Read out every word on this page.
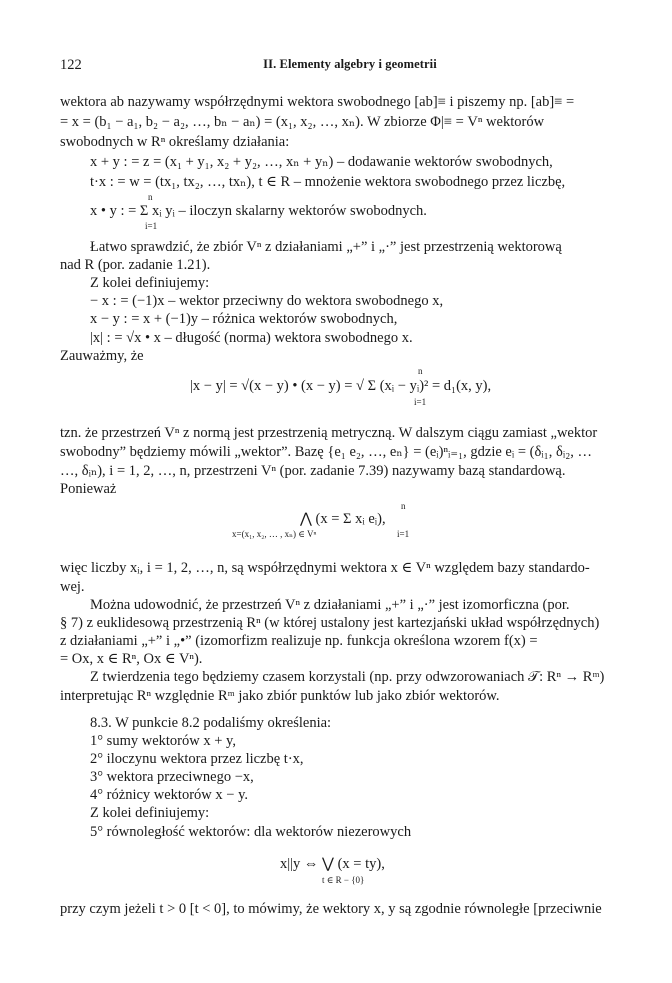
122	II. Elementy algebry i geometrii
wektora ab nazywamy współrzędnymi wektora swobodnego [ab]≡ i piszemy np. [ab]≡ =
= x = (b₁ − a₁, b₂ − a₂, …, bₙ − aₙ) = (x₁, x₂, …, xₙ). W zbiorze Φ|≡ = Vⁿ wektorów
swobodnych w Rⁿ określamy działania:
x + y : = z = (x₁ + y₁, x₂ + y₂, …, xₙ + yₙ) – dodawanie wektorów swobodnych,
t·x : = w = (tx₁, tx₂, …, txₙ), t ∈ R – mnożenie wektora swobodnego przez liczbę,
n
x • y : = Σ xᵢ yᵢ – iloczyn skalarny wektorów swobodnych.
i=1
Łatwo sprawdzić, że zbiór Vⁿ z działaniami „+” i „·” jest przestrzenią wektorową
nad R (por. zadanie 1.21).
Z kolei definiujemy:
− x : = (−1)x – wektor przeciwny do wektora swobodnego x,
x − y : = x + (−1)y – różnica wektorów swobodnych,
|x| : = √x • x – długość (norma) wektora swobodnego x.
Zauważmy, że
n
|x − y| = √(x − y) • (x − y) = √ Σ (xᵢ − yᵢ)² = d₁(x, y),
i=1
tzn. że przestrzeń Vⁿ z normą jest przestrzenią metryczną. W dalszym ciągu zamiast „wektor
swobodny” będziemy mówili „wektor”. Bazę {e₁ e₂, …, eₙ} = (eᵢ)ⁿᵢ₌₁, gdzie eᵢ = (δᵢ₁, δᵢ₂, …
…, δᵢₙ), i = 1, 2, …, n, przestrzeni Vⁿ (por. zadanie 7.39) nazywamy bazą standardową.
Ponieważ
n
⋀ (x = Σ xᵢ eᵢ),
x=(x₁, x₂, … , xₙ) ∈ Vⁿ	i=1
więc liczby xᵢ, i = 1, 2, …, n, są współrzędnymi wektora x ∈ Vⁿ względem bazy standardo-
wej.
Można udowodnić, że przestrzeń Vⁿ z działaniami „+” i „·” jest izomorficzna (por.
§ 7) z euklidesową przestrzenią Rⁿ (w której ustalony jest kartezjański układ współrzędnych)
z działaniami „+” i „•” (izomorfizm realizuje np. funkcja określona wzorem f(x) =
= Ox, x ∈ Rⁿ, Ox ∈ Vⁿ).
Z twierdzenia tego będziemy czasem korzystali (np. przy odwzorowaniach 𝒯: Rⁿ → Rᵐ)
interpretując Rⁿ względnie Rᵐ jako zbiór punktów lub jako zbiór wektorów.
8.3. W punkcie 8.2 podaliśmy określenia:
1° sumy wektorów x + y,
2° iloczynu wektora przez liczbę t·x,
3° wektora przeciwnego −x,
4° różnicy wektorów x − y.
Z kolei definiujemy:
5° równoległość wektorów: dla wektorów niezerowych
x||y ⇔ ⋁ (x = ty),
t ∈ R − {0}
przy czym jeżeli t > 0 [t < 0], to mówimy, że wektory x, y są zgodnie równoległe [przeciwnie
